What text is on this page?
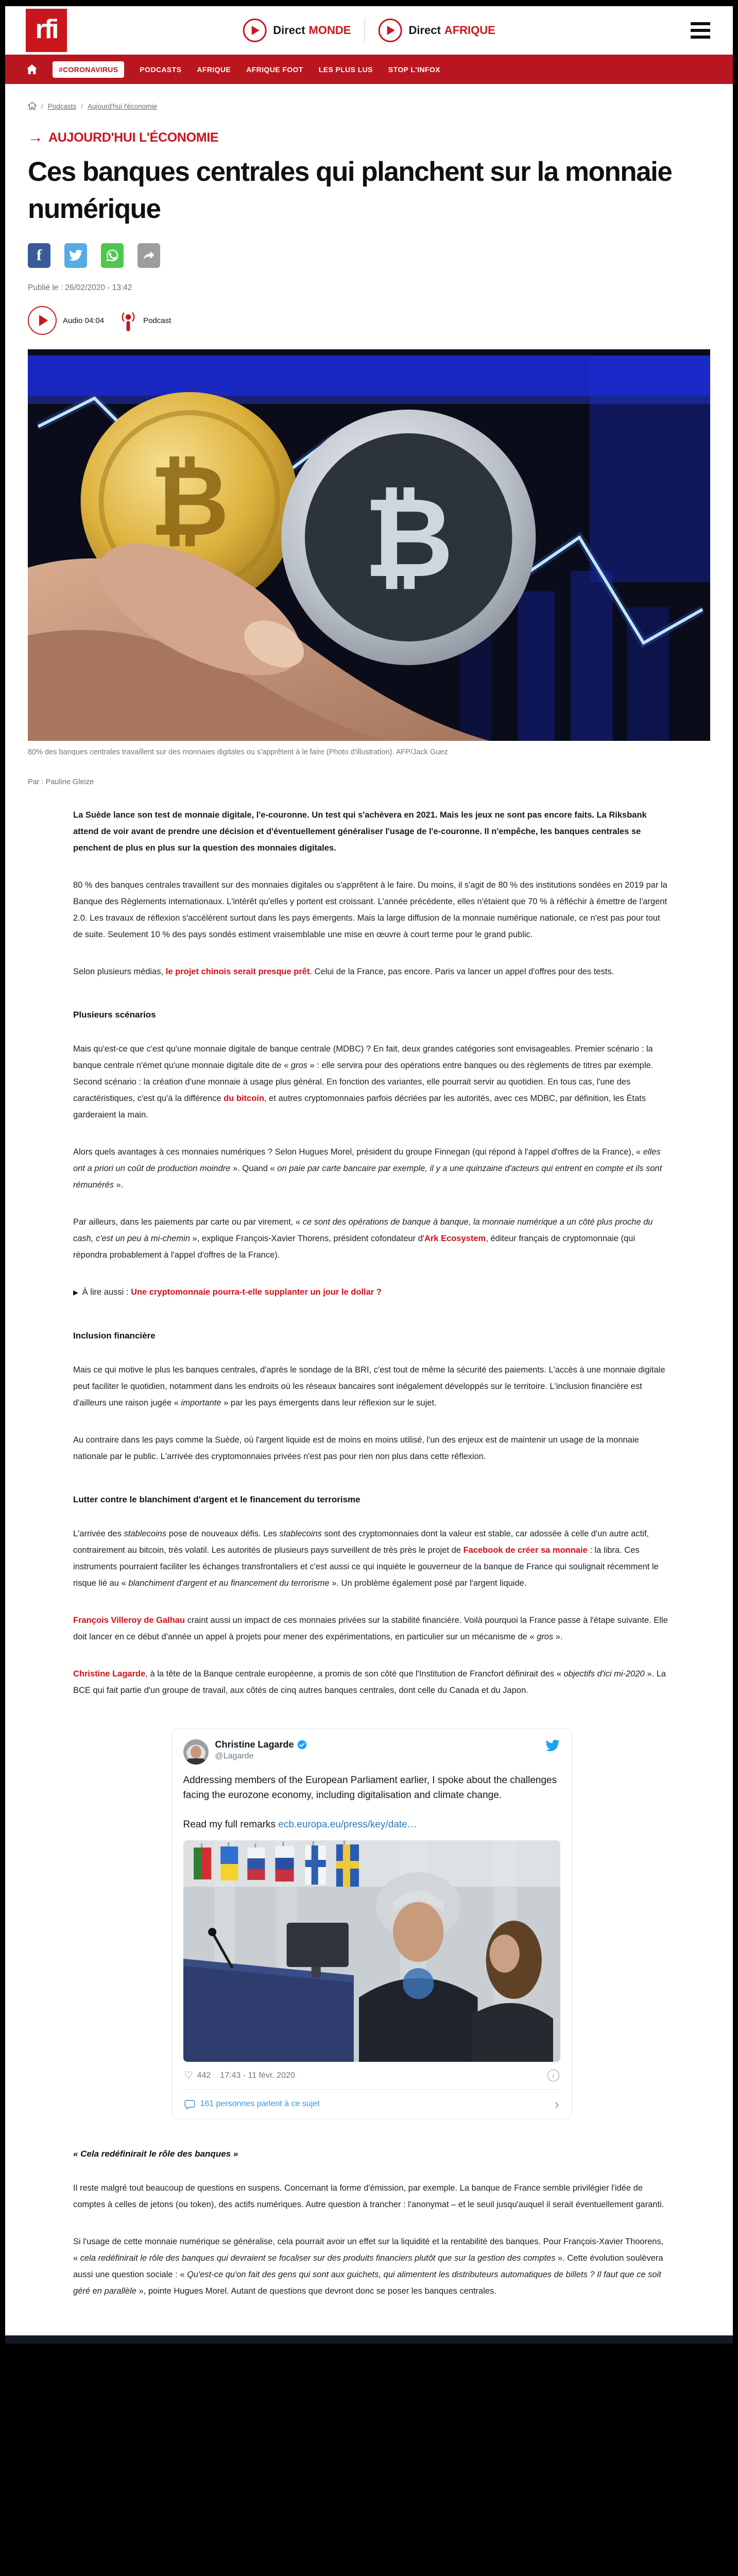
rfi	Direct MONDE	Direct AFRIQUE
#CORONAVIRUS	PODCASTS AFRIQUE AFRIQUE FOOT LES PLUS LUS STOP L'INFOX
/ Podcasts / Aujourd'hui l'économie
→ AUJOURD'HUI L'ÉCONOMIE
Ces banques centrales qui planchent sur la monnaie numérique
f
Publié le : 26/02/2020 - 13:42
Audio 04:04	Podcast
₿ ₿
80% des banques centrales travaillent sur des monnaies digitales ou s'apprêtent à le faire (Photo d'illustration). AFP/Jack Guez
Par : Pauline Gleize

La Suède lance son test de monnaie digitale, l'e-couronne. Un test qui s'achèvera en 2021. Mais les jeux ne sont pas encore faits. La Riksbank attend de voir avant de prendre une décision et d'éventuellement généraliser l'usage de l'e-couronne. Il n'empêche, les banques centrales se penchent de plus en plus sur la question des monnaies digitales.

80 % des banques centrales travaillent sur des monnaies digitales ou s'apprêtent à le faire. Du moins, il s'agit de 80 % des institutions sondées en 2019 par la Banque des Règlements internationaux. L'intérêt qu'elles y portent est croissant. L'année précédente, elles n'étaient que 70 % à réfléchir à émettre de l'argent 2.0. Les travaux de réflexion s'accélèrent surtout dans les pays émergents. Mais la large diffusion de la monnaie numérique nationale, ce n'est pas pour tout de suite. Seulement 10 % des pays sondés estiment vraisemblable une mise en œuvre à court terme pour le grand public.

Selon plusieurs médias, le projet chinois serait presque prêt. Celui de la France, pas encore. Paris va lancer un appel d'offres pour des tests.

Plusieurs scénarios

Mais qu'est-ce que c'est qu'une monnaie digitale de banque centrale (MDBC) ? En fait, deux grandes catégories sont envisageables. Premier scénario : la banque centrale n'émet qu'une monnaie digitale dite de « gros » : elle servira pour des opérations entre banques ou des règlements de titres par exemple. Second scénario : la création d'une monnaie à usage plus général. En fonction des variantes, elle pourrait servir au quotidien. En tous cas, l'une des caractéristiques, c'est qu'à la différence du bitcoin, et autres cryptomonnaies parfois décriées par les autorités, avec ces MDBC, par définition, les États garderaient la main.

Alors quels avantages à ces monnaies numériques ? Selon Hugues Morel, président du groupe Finnegan (qui répond à l'appel d'offres de la France), « elles ont a priori un coût de production moindre ». Quand « on paie par carte bancaire par exemple, il y a une quinzaine d'acteurs qui entrent en compte et ils sont rémunérés ».

Par ailleurs, dans les paiements par carte ou par virement, « ce sont des opérations de banque à banque, la monnaie numérique a un côté plus proche du cash, c'est un peu à mi-chemin », explique François-Xavier Thorens, président cofondateur d'Ark Ecosystem, éditeur français de cryptomonnaie (qui répondra probablement à l'appel d'offres de la France).

▶ À lire aussi : Une cryptomonnaie pourra-t-elle supplanter un jour le dollar ?

Inclusion financière

Mais ce qui motive le plus les banques centrales, d'après le sondage de la BRI, c'est tout de même la sécurité des paiements. L'accès à une monnaie digitale peut faciliter le quotidien, notamment dans les endroits où les réseaux bancaires sont inégalement développés sur le territoire. L'inclusion financière est d'ailleurs une raison jugée « importante » par les pays émergents dans leur réflexion sur le sujet.

Au contraire dans les pays comme la Suède, où l'argent liquide est de moins en moins utilisé, l'un des enjeux est de maintenir un usage de la monnaie nationale par le public. L'arrivée des cryptomonnaies privées n'est pas pour rien non plus dans cette réflexion.

Lutter contre le blanchiment d'argent et le financement du terrorisme

L'arrivée des stablecoins pose de nouveaux défis. Les stablecoins sont des cryptomonnaies dont la valeur est stable, car adossée à celle d'un autre actif, contrairement au bitcoin, très volatil. Les autorités de plusieurs pays surveillent de très près le projet de Facebook de créer sa monnaie : la libra. Ces instruments pourraient faciliter les échanges transfrontaliers et c'est aussi ce qui inquiète le gouverneur de la banque de France qui soulignait récemment le risque lié au « blanchiment d'argent et au financement du terrorisme ». Un problème également posé par l'argent liquide.

François Villeroy de Galhau craint aussi un impact de ces monnaies privées sur la stabilité financière. Voilà pourquoi la France passe à l'étape suivante. Elle doit lancer en ce début d'année un appel à projets pour mener des expérimentations, en particulier sur un mécanisme de « gros ».

Christine Lagarde, à la tête de la Banque centrale européenne, a promis de son côté que l'Institution de Francfort définirait des « objectifs d'ici mi-2020 ». La BCE qui fait partie d'un groupe de travail, aux côtés de cinq autres banques centrales, dont celle du Canada et du Japon.

Christine Lagarde
@Lagarde
Addressing members of the European Parliament earlier, I spoke about the challenges facing the eurozone economy, including digitalisation and climate change.
Read my full remarks ecb.europa.eu/press/key/date…
♡ 442 17:43 - 11 févr. 2020	i
161 personnes parlent à ce sujet	›
« Cela redéfinirait le rôle des banques »

Il reste malgré tout beaucoup de questions en suspens. Concernant la forme d'émission, par exemple. La banque de France semble privilégier l'idée de comptes à celles de jetons (ou token), des actifs numériques. Autre question à trancher : l'anonymat – et le seuil jusqu'auquel il serait éventuellement garanti.

Si l'usage de cette monnaie numérique se généralise, cela pourrait avoir un effet sur la liquidité et la rentabilité des banques. Pour François-Xavier Thoorens, « cela redéfinirait le rôle des banques qui devraient se focaliser sur des produits financiers plutôt que sur la gestion des comptes ». Cette évolution soulèvera aussi une question sociale : « Qu'est-ce qu'on fait des gens qui sont aux guichets, qui alimentent les distributeurs automatiques de billets ? Il faut que ce soit géré en parallèle », pointe Hugues Morel. Autant de questions que devront donc se poser les banques centrales.
